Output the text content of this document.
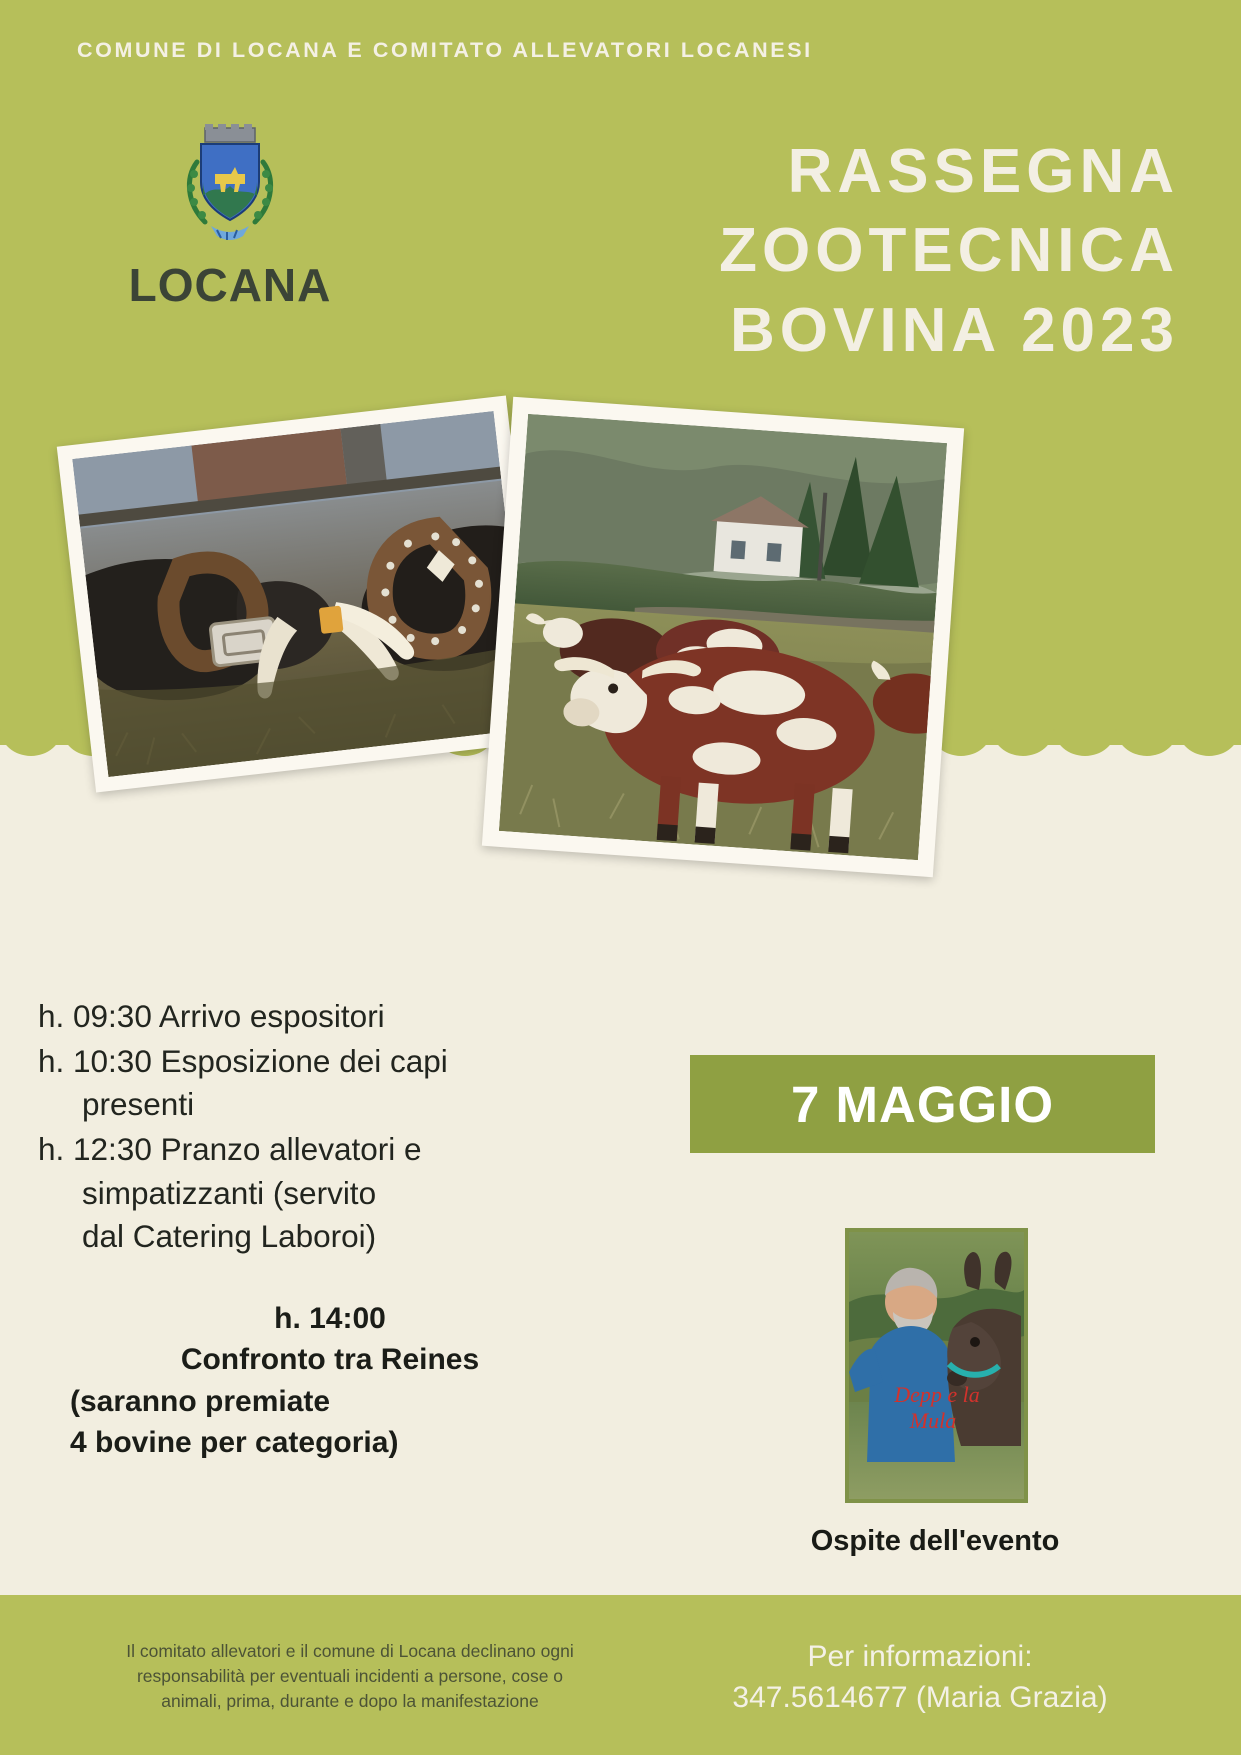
COMUNE DI LOCANA E COMITATO ALLEVATORI LOCANESI
LOCANA
RASSEGNA
ZOOTECNICA
BOVINA 2023
h. 09:30 Arrivo espositori
h. 10:30 Esposizione dei capi
presenti
h. 12:30 Pranzo allevatori e
simpatizzanti (servito
dal Catering Laboroi)
h. 14:00
Confronto tra Reines
(saranno premiate
4 bovine per categoria)
7 MAGGIO
Depp e la
Mula
Ospite dell'evento
Il comitato allevatori e il comune di Locana declinano ogni
responsabilità per eventuali incidenti a persone, cose o
animali, prima, durante e dopo la manifestazione
Per informazioni:
347.5614677 (Maria Grazia)
